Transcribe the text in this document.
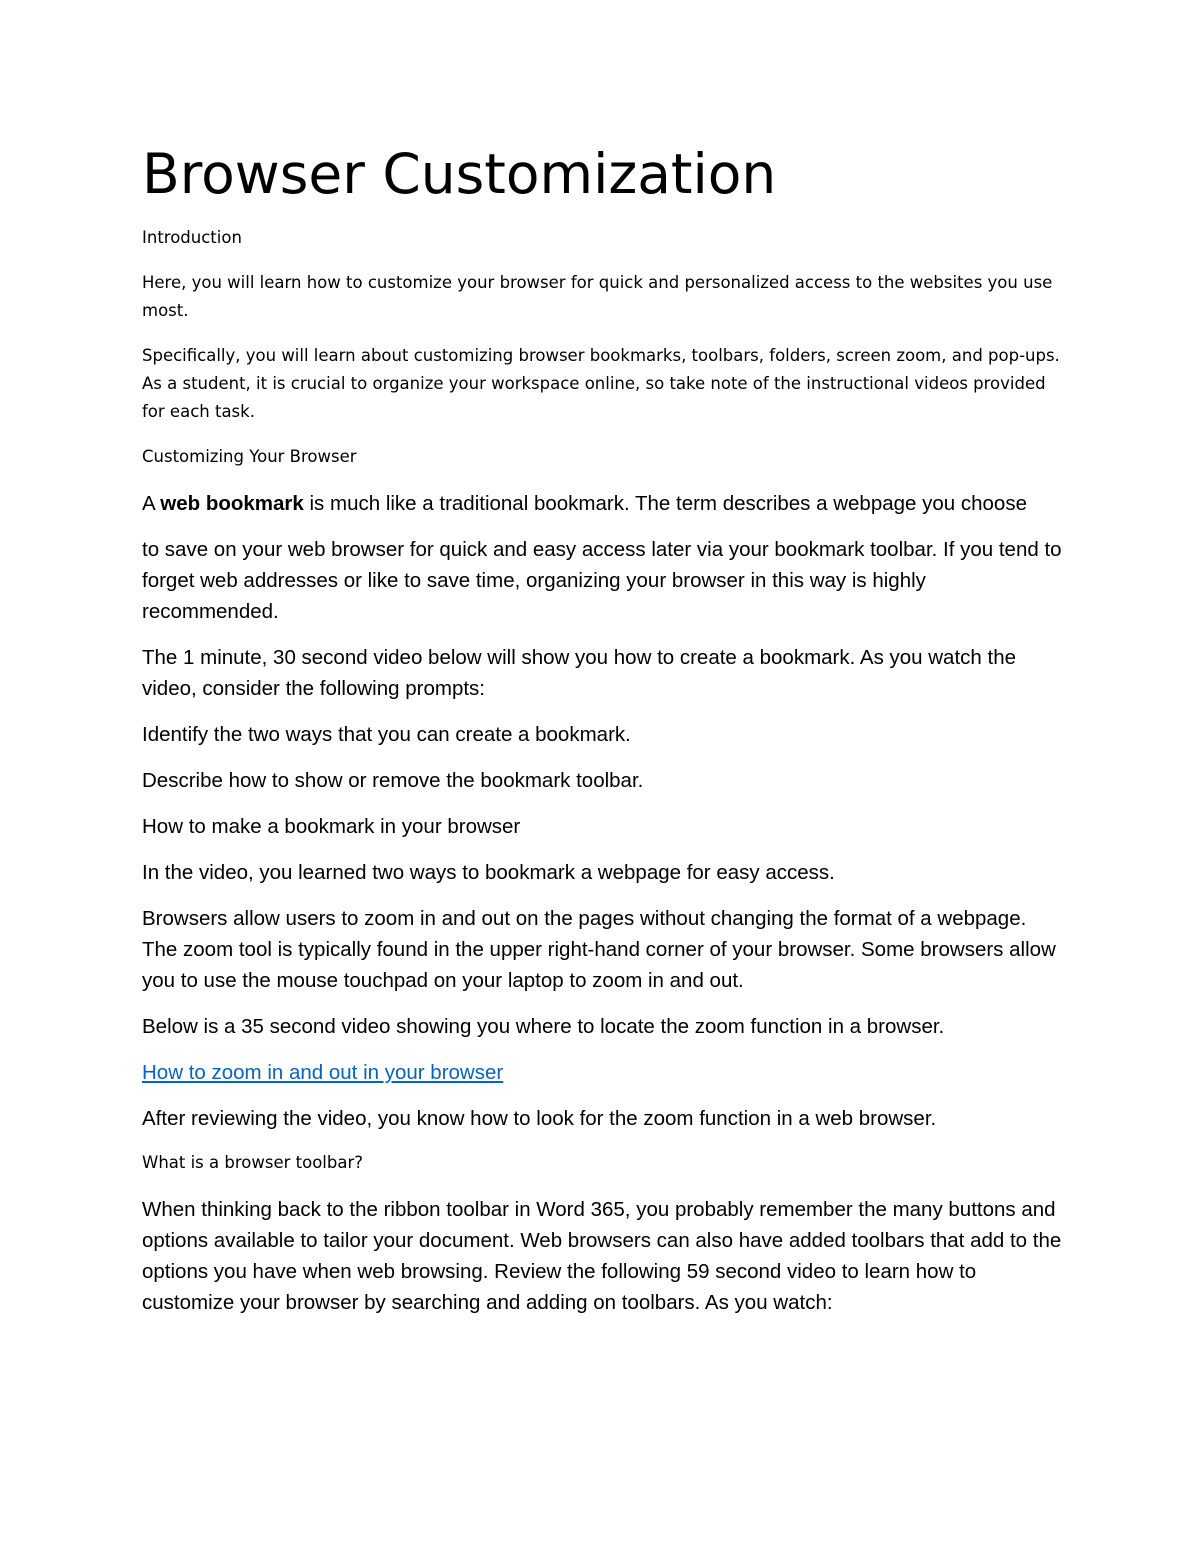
Browser Customization

Introduction

Here, you will learn how to customize your browser for quick and personalized access to the websites you use most.

Specifically, you will learn about customizing browser bookmarks, toolbars, folders, screen zoom, and pop-ups. As a student, it is crucial to organize your workspace online, so take note of the instructional videos provided for each task.

Customizing Your Browser

A web bookmark is much like a traditional bookmark. The term describes a webpage you choose

to save on your web browser for quick and easy access later via your bookmark toolbar. If you tend to forget web addresses or like to save time, organizing your browser in this way is highly recommended.

The 1 minute, 30 second video below will show you how to create a bookmark. As you watch the video, consider the following prompts:

Identify the two ways that you can create a bookmark.

Describe how to show or remove the bookmark toolbar.

How to make a bookmark in your browser

In the video, you learned two ways to bookmark a webpage for easy access.

Browsers allow users to zoom in and out on the pages without changing the format of a webpage. The zoom tool is typically found in the upper right-hand corner of your browser. Some browsers allow you to use the mouse touchpad on your laptop to zoom in and out.

Below is a 35 second video showing you where to locate the zoom function in a browser.

How to zoom in and out in your browser

After reviewing the video, you know how to look for the zoom function in a web browser.

What is a browser toolbar?

When thinking back to the ribbon toolbar in Word 365, you probably remember the many buttons and options available to tailor your document. Web browsers can also have added toolbars that add to the options you have when web browsing. Review the following 59 second video to learn how to customize your browser by searching and adding on toolbars. As you watch:
